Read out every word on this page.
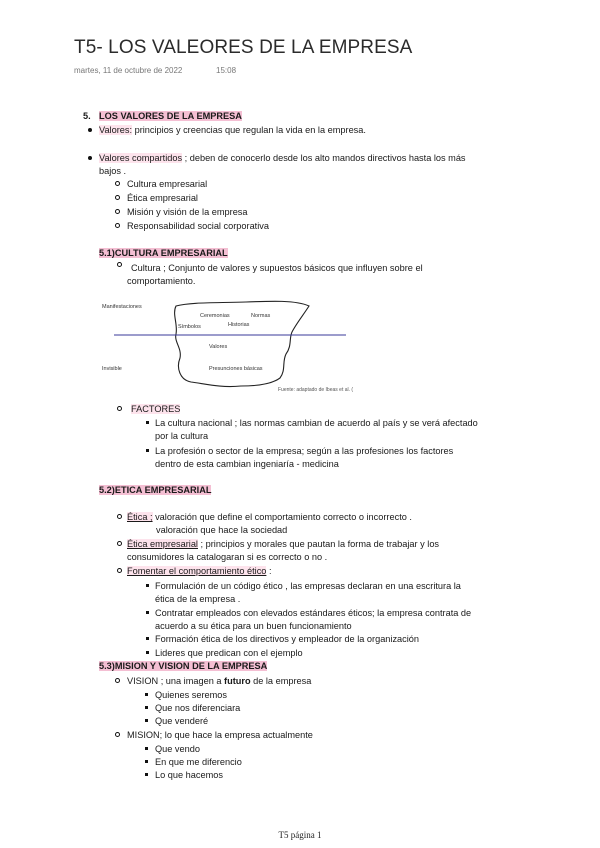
T5- LOS VALEORES DE LA EMPRESA
martes, 11 de octubre de 2022	15:08
5. LOS VALORES DE LA EMPRESA
Valores: principios y creencias que regulan la vida en la empresa.
Valores compartidos ; deben de conocerlo desde los alto mandos directivos hasta los más
bajos .
Cultura empresarial
Ética empresarial
Misión y visión de la empresa
Responsabilidad social corporativa
5.1)CULTURA EMPRESARIAL
Cultura ; Conjunto de valores y supuestos básicos que influyen sobre el
comportamiento.
Manifestaciones
Invisible
Ceremonias	Normas
Símbolos	Historias
Valores
Presunciones básicas
Fuente: adaptado de Ibeas et al. (
FACTORES
La cultura nacional ; las normas cambian de acuerdo al país y se verá afectado
por la cultura
La profesión o sector de la empresa; según a las profesiones los factores
dentro de esta cambian ingeniaría - medicina
5.2)ETICA EMPRESARIAL
Ética ; valoración que define el comportamiento correcto o incorrecto .
valoración que hace la sociedad
Ética empresarial ; principios y morales que pautan la forma de trabajar y los
consumidores la catalogaran si es correcto o no .
Fomentar el comportamiento ético :
Formulación de un código ético , las empresas declaran en una escritura la
ética de la empresa .
Contratar empleados con elevados estándares éticos; la empresa contrata de
acuerdo a su ética para un buen funcionamiento
Formación ética de los directivos y empleador de la organización
Lideres que predican con el ejemplo
5.3)MISION Y VISION DE LA EMPRESA
VISION ; una imagen a futuro de la empresa
Quienes seremos
Que nos diferenciara
Que venderé
MISION; lo que hace la empresa actualmente
Que vendo
En que me diferencio
Lo que hacemos
T5 página 1
